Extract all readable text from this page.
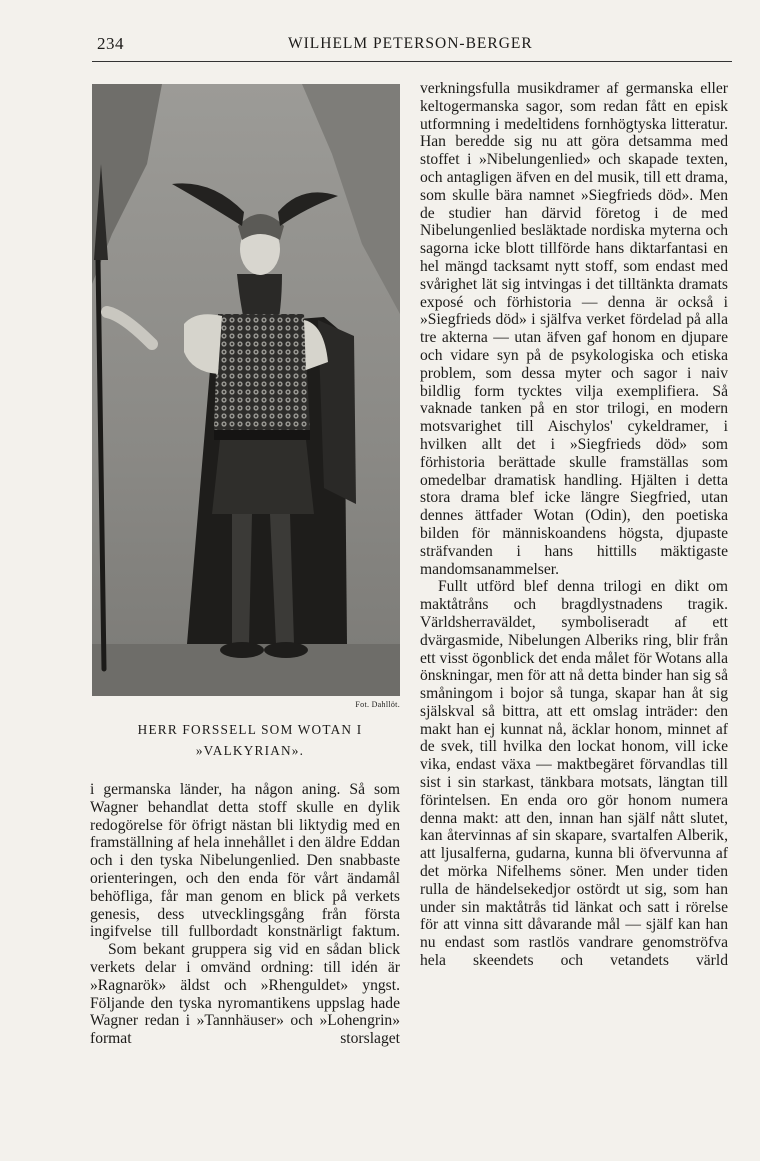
234	WILHELM PETERSON-BERGER
Fot. Dahllöt.
HERR FORSSELL SOM WOTAN I
»VALKYRIAN».

i germanska länder, ha någon aning. Så som Wagner behandlat detta stoff skulle en dylik redogörelse för öfrigt nästan bli liktydig med en framställning af hela innehållet i den äldre Eddan och i den tyska Nibelungenlied. Den snabbaste orienteringen, och den enda för vårt ändamål behöfliga, får man genom en blick på verkets genesis, dess utvecklingsgång från första ingifvelse till fullbordadt konstnärligt faktum.

Som bekant gruppera sig vid en sådan blick verkets delar i omvänd ordning: till idén är »Ragnarök» äldst och »Rhenguldet» yngst. Följande den tyska nyromantikens uppslag hade Wagner redan i »Tannhäuser» och »Lohengrin» format storslaget

verkningsfulla musikdramer af germanska eller keltogermanska sagor, som redan fått en episk utformning i medeltidens fornhögtyska litteratur. Han beredde sig nu att göra detsamma med stoffet i »Nibelungenlied» och skapade texten, och antagligen äfven en del musik, till ett drama, som skulle bära namnet »Siegfrieds död». Men de studier han därvid företog i de med Nibelungenlied besläktade nordiska myterna och sagorna icke blott tillförde hans diktarfantasi en hel mängd tacksamt nytt stoff, som endast med svårighet lät sig intvingas i det tilltänkta dramats exposé och förhistoria — denna är också i »Siegfrieds död» i själfva verket fördelad på alla tre akterna — utan äfven gaf honom en djupare och vidare syn på de psykologiska och etiska problem, som dessa myter och sagor i naiv bildlig form tycktes vilja exemplifiera. Så vaknade tanken på en stor trilogi, en modern motsvarighet till Aischylos' cykeldramer, i hvilken allt det i »Siegfrieds död» som förhistoria berättade skulle framställas som omedelbar dramatisk handling. Hjälten i detta stora drama blef icke längre Siegfried, utan dennes ättfader Wotan (Odin), den poetiska bilden för människoandens högsta, djupaste sträfvanden i hans hittills mäktigaste mandomsanammelser.

Fullt utförd blef denna trilogi en dikt om maktåtråns och bragdlystnadens tragik. Världsherraväldet, symboliseradt af ett dvärgasmide, Nibelungen Alberiks ring, blir från ett visst ögonblick det enda målet för Wotans alla önskningar, men för att nå detta binder han sig så småningom i bojor så tunga, skapar han åt sig själskval så bittra, att ett omslag inträder: den makt han ej kunnat nå, äcklar honom, minnet af de svek, till hvilka den lockat honom, vill icke vika, endast växa — maktbegäret förvandlas till sist i sin starkast, tänkbara motsats, längtan till förintelsen. En enda oro gör honom numera denna makt: att den, innan han själf nått slutet, kan återvinnas af sin skapare, svartalfen Alberik, att ljusalferna, gudarna, kunna bli öfvervunna af det mörka Nifelhems söner. Men under tiden rulla de händelsekedjor ostördt ut sig, som han under sin maktåtrås tid länkat och satt i rörelse för att vinna sitt dåvarande mål — själf kan han nu endast som rastlös vandrare genomströfva hela skeendets och vetandets värld
